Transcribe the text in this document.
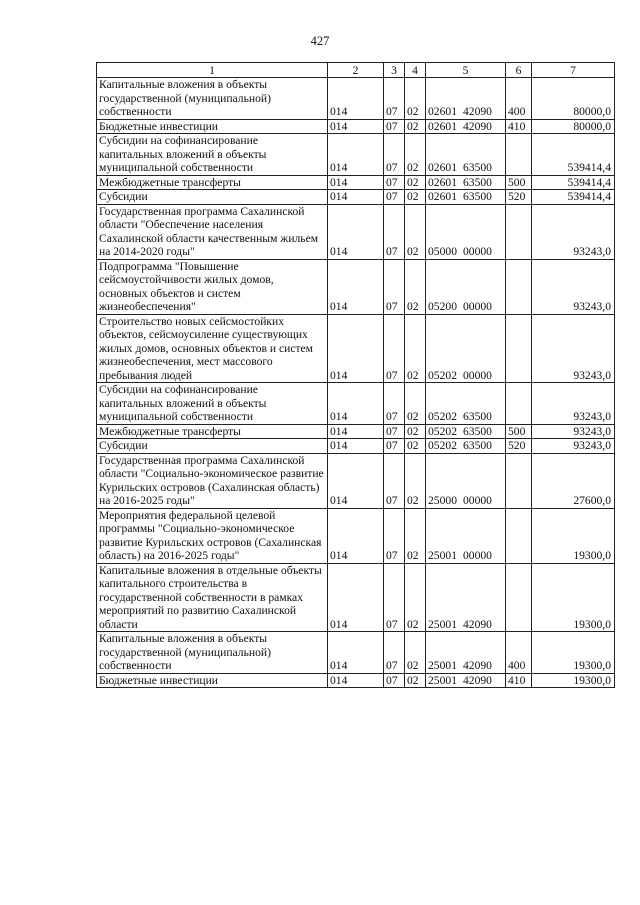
427
1	2	3	4	5	6	7
Капитальные вложения в объекты государственной (муниципальной) собственности	014	07	02	02601 42090	400	80000,0
Бюджетные инвестиции	014	07	02	02601 42090	410	80000,0
Субсидии на софинансирование капитальных вложений в объекты муниципальной собственности	014	07	02	02601 63500		539414,4
Межбюджетные трансферты	014	07	02	02601 63500	500	539414,4
Субсидии	014	07	02	02601 63500	520	539414,4
Государственная программа Сахалинской области "Обеспечение населения Сахалинской области качественным жильем на 2014-2020 годы"	014	07	02	05000 00000		93243,0
Подпрограмма "Повышение сейсмоустойчивости жилых домов, основных объектов и систем жизнеобеспечения"	014	07	02	05200 00000		93243,0
Строительство новых сейсмостойких объектов, сейсмоусиление существующих жилых домов, основных объектов и систем жизнеобеспечения, мест массового пребывания людей	014	07	02	05202 00000		93243,0
Субсидии на софинансирование капитальных вложений в объекты муниципальной собственности	014	07	02	05202 63500		93243,0
Межбюджетные трансферты	014	07	02	05202 63500	500	93243,0
Субсидии	014	07	02	05202 63500	520	93243,0
Государственная программа Сахалинской области "Социально-экономическое развитие Курильских островов (Сахалинская область) на 2016-2025 годы"	014	07	02	25000 00000		27600,0
Мероприятия федеральной целевой программы "Социально-экономическое развитие Курильских островов (Сахалинская область) на 2016-2025 годы"	014	07	02	25001 00000		19300,0
Капитальные вложения в отдельные объекты капитального строительства в государственной собственности в рамках мероприятий по развитию Сахалинской области	014	07	02	25001 42090		19300,0
Капитальные вложения в объекты государственной (муниципальной) собственности	014	07	02	25001 42090	400	19300,0
Бюджетные инвестиции	014	07	02	25001 42090	410	19300,0
